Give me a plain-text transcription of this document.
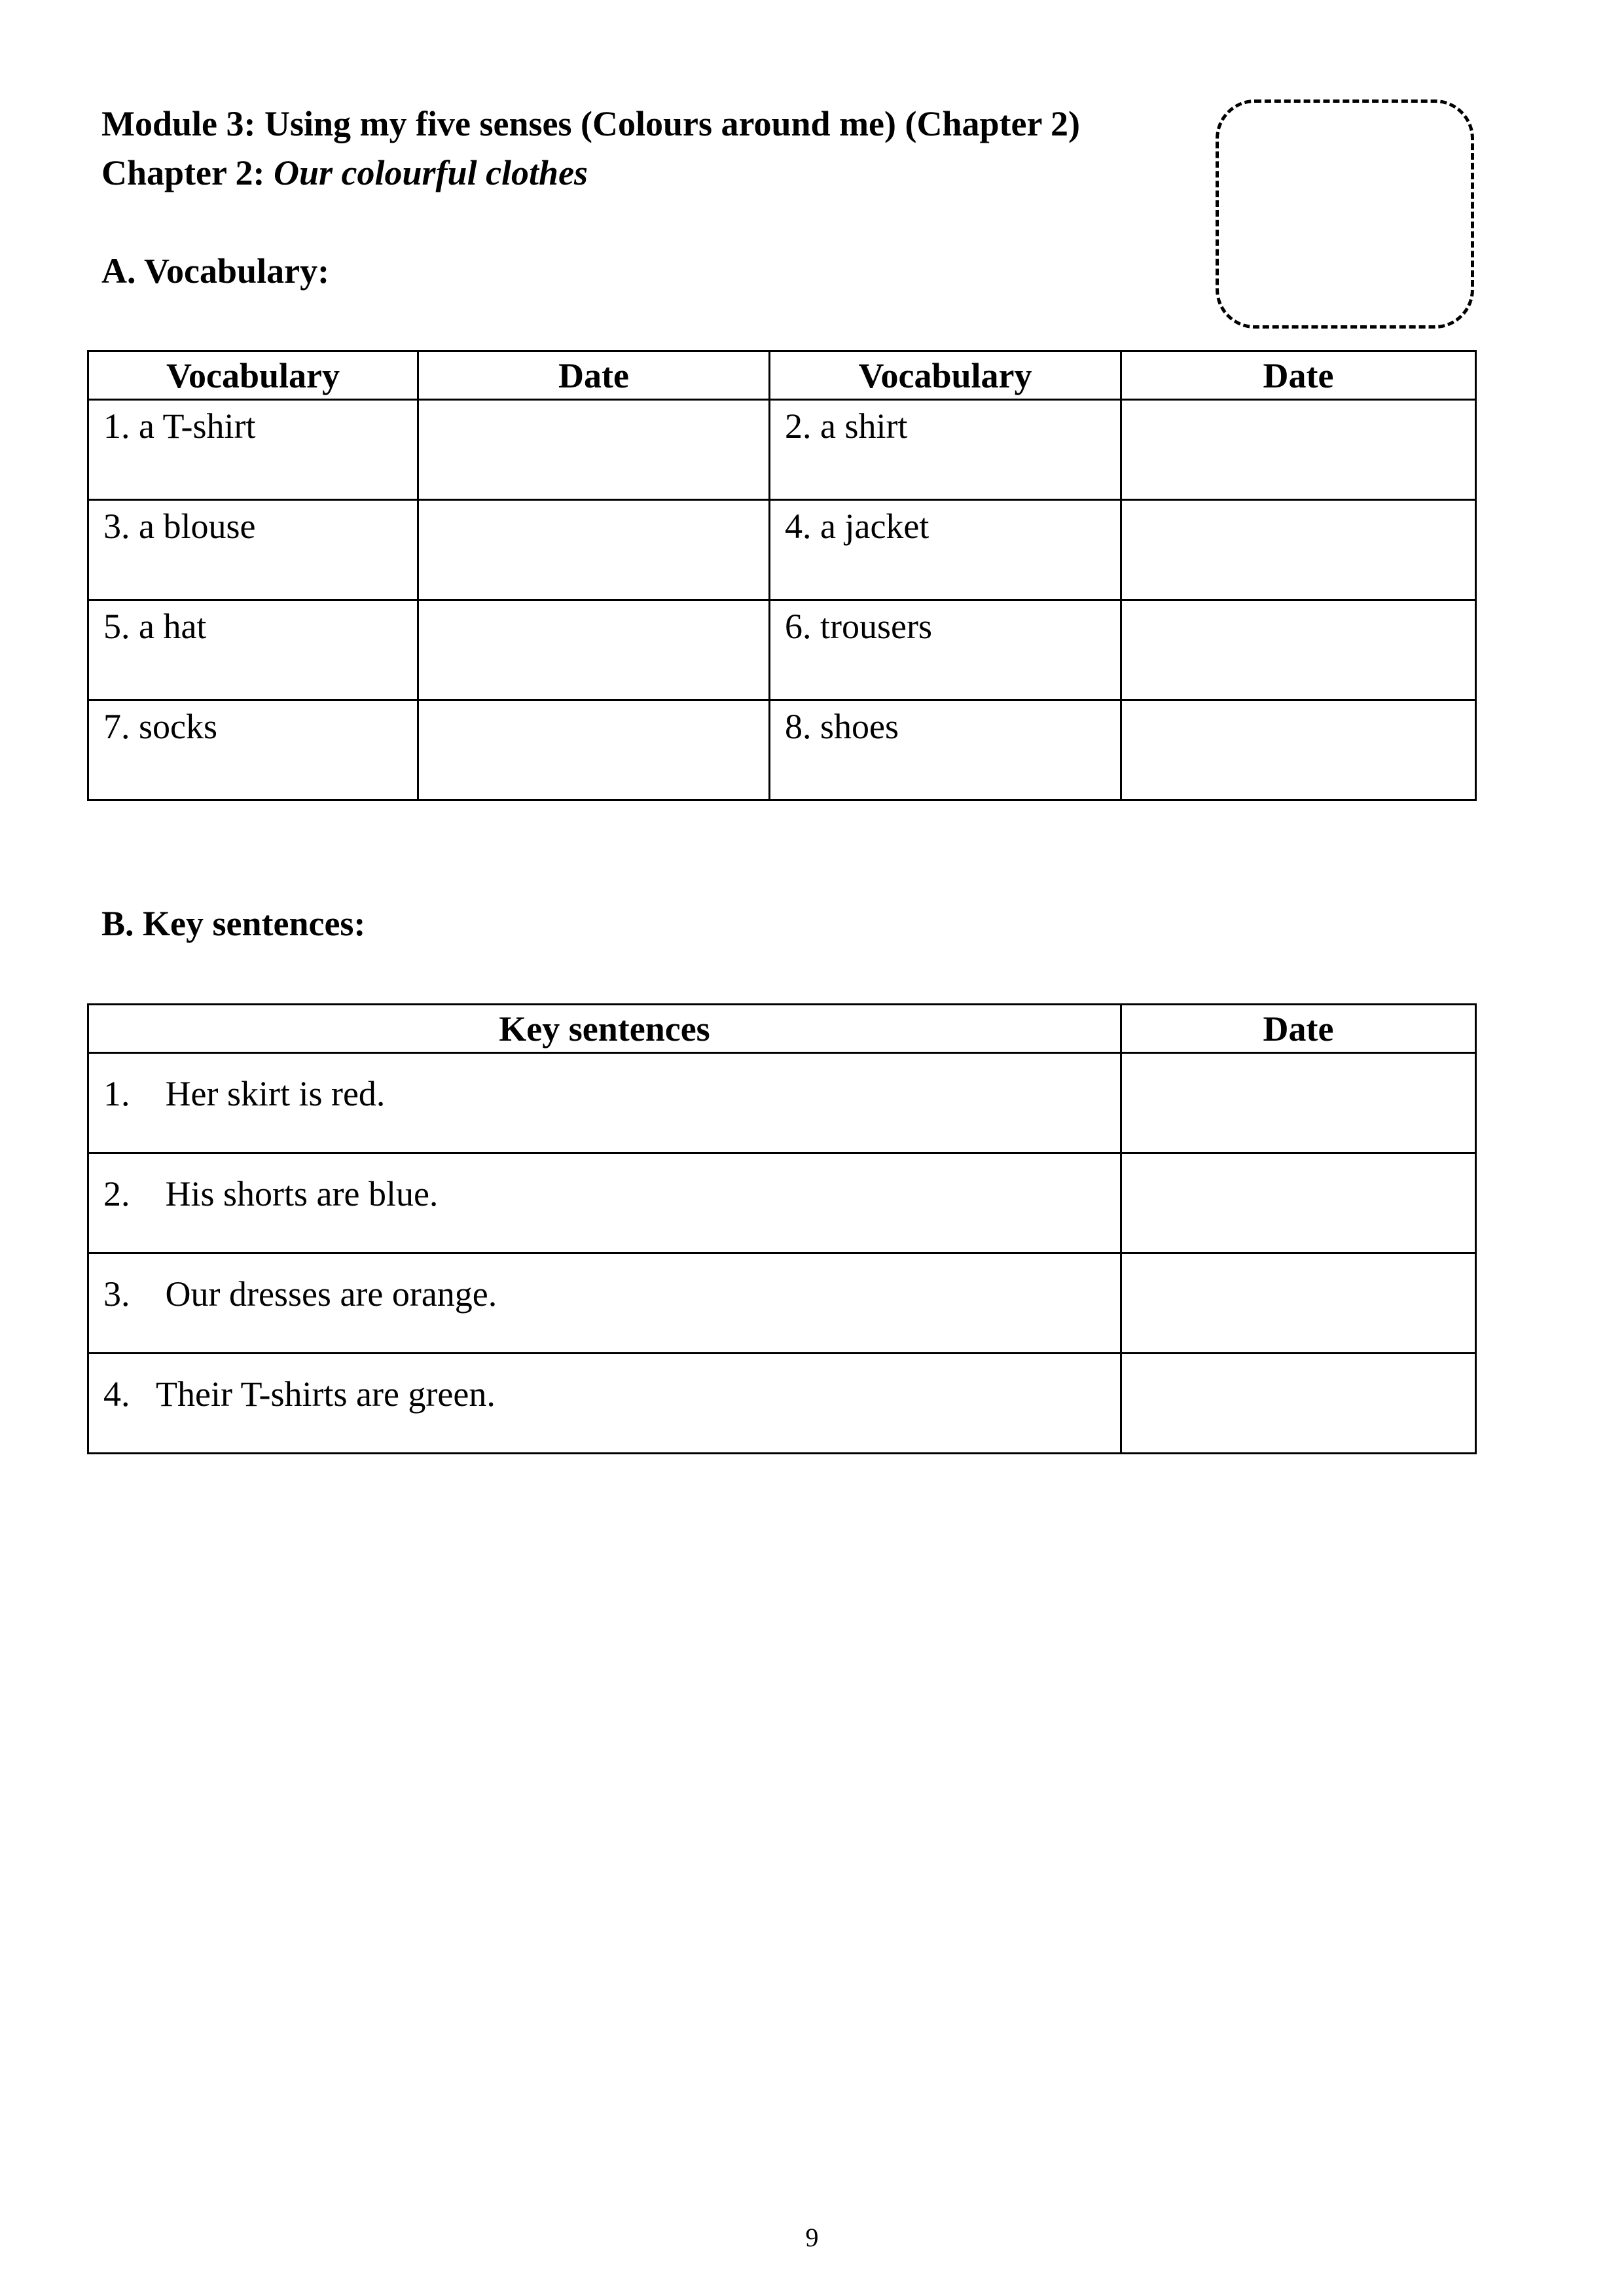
Module 3: Using my five senses (Colours around me) (Chapter 2)
Chapter 2: Our colourful clothes
A. Vocabulary:
Vocabulary	Date	Vocabulary	Date

1. a T-shirt		2. a shirt	

3. a blouse		4. a jacket	

5. a hat		6. trousers	

7. socks		8. shoes	

B. Key sentences:
Key sentences	Date

1.    Her skirt is red.	

2.    His shorts are blue.	

3.    Our dresses are orange.	

4.   Their T-shirts are green.	

9
